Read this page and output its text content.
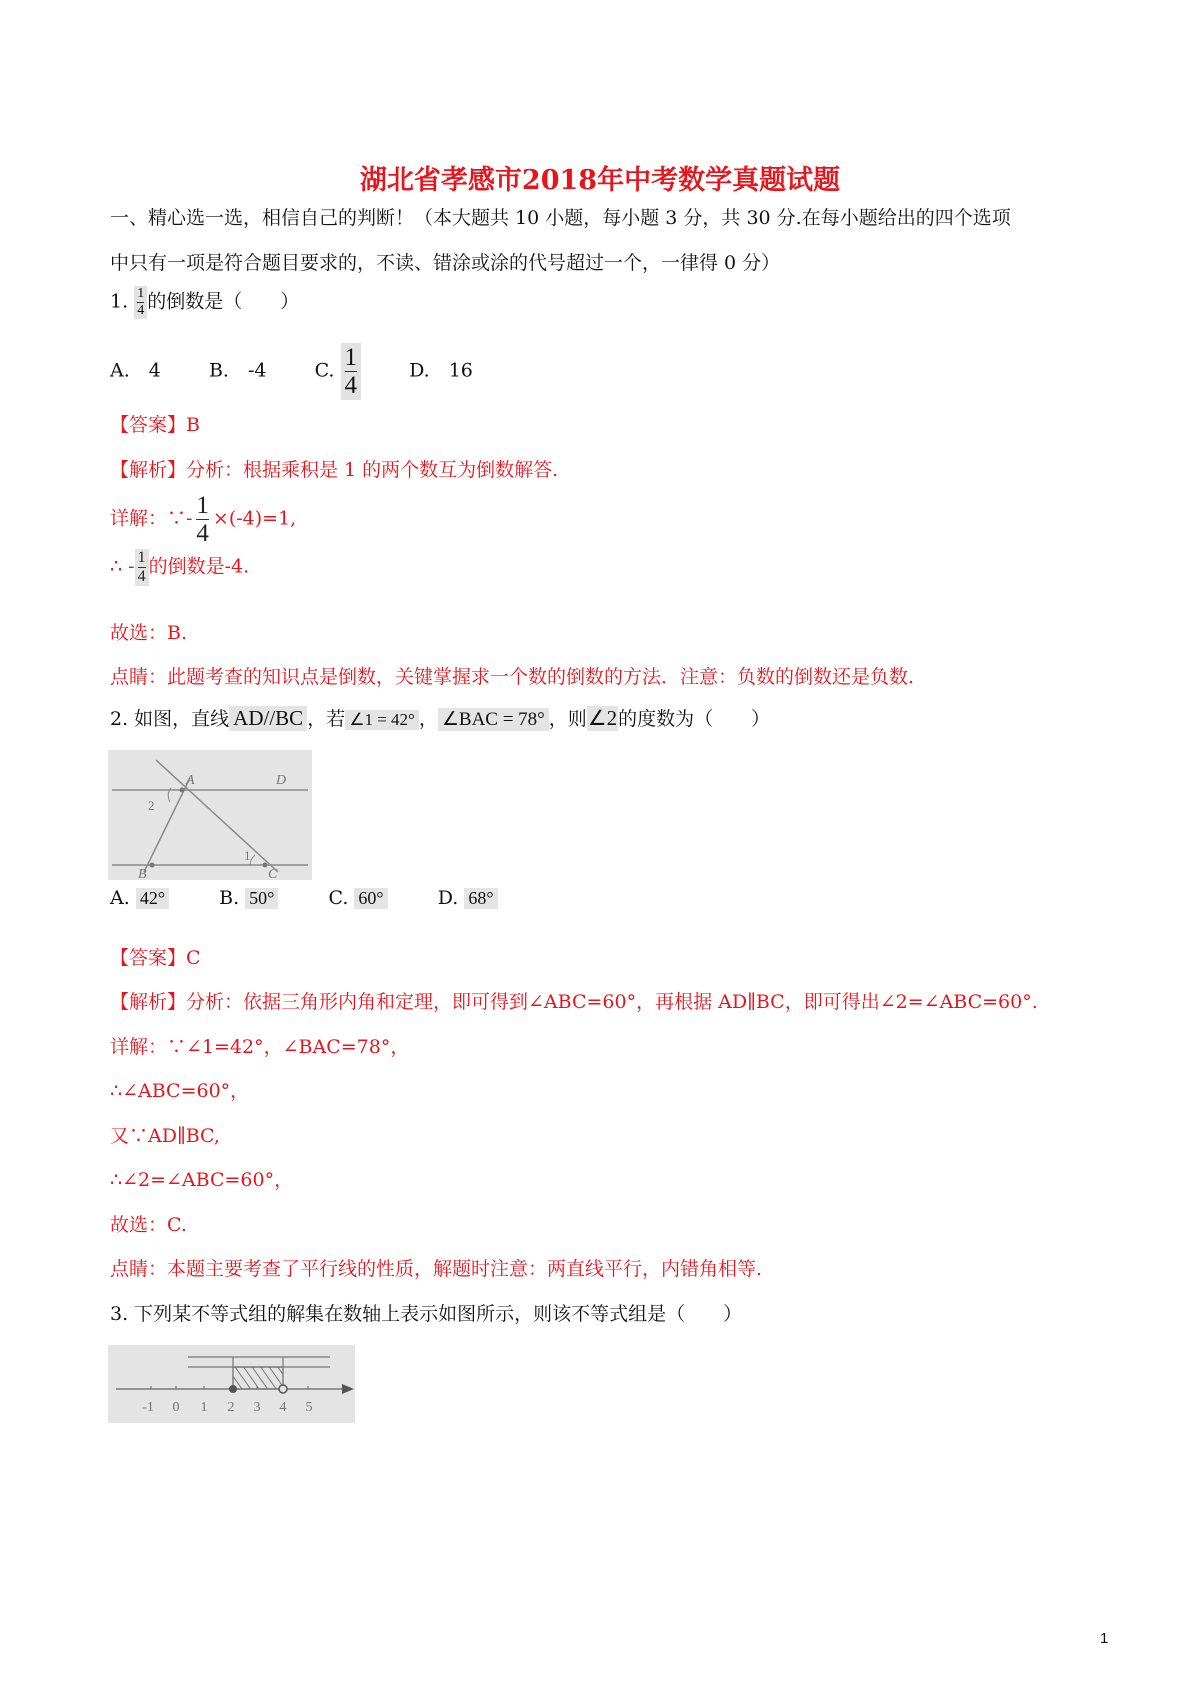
湖北省孝感市2018年中考数学真题试题
一、精心选一选，相信自己的判断！（本大题共 10 小题，每小题 3 分，共 30 分.在每小题给出的四个选项
中只有一项是符合题目要求的，不读、错涂或涂的代号超过一个，一律得 0 分）
1. $\frac{1}{4}$ 的倒数是（　　）
A.　4	B.　-4	C. $\frac{1}{4}$	D.　16
【答案】B
【解析】分析：根据乘积是 1 的两个数互为倒数解答.
详解：∵- $\frac{1}{4} \times(-4)=1$,
∴ - $\frac{1}{4}$ 的倒数是-4.
故选：B.
点睛：此题考查的知识点是倒数，关键掌握求一个数的倒数的方法．注意：负数的倒数还是负数.
2. 如图，直线 AD//BC ，若 ∠1 = 42° ， ∠BAC = 78° ，则∠2的度数为（　　）
A	D
2
1
B	C
A. 42°	B. 50°	C. 60°	D. 68°
【答案】C
【解析】分析：依据三角形内角和定理，即可得到∠ABC=60°，再根据 AD∥BC，即可得出∠2=∠ABC=60°.
详解：∵∠1=42°，∠BAC=78°，
∴∠ABC=60°，
又∵AD∥BC,
∴∠2=∠ABC=60°，
故选：C.
点睛：本题主要考查了平行线的性质，解题时注意：两直线平行，内错角相等.
3. 下列某不等式组的解集在数轴上表示如图所示，则该不等式组是（　　）
-1 0 1 2 3 4 5
1
